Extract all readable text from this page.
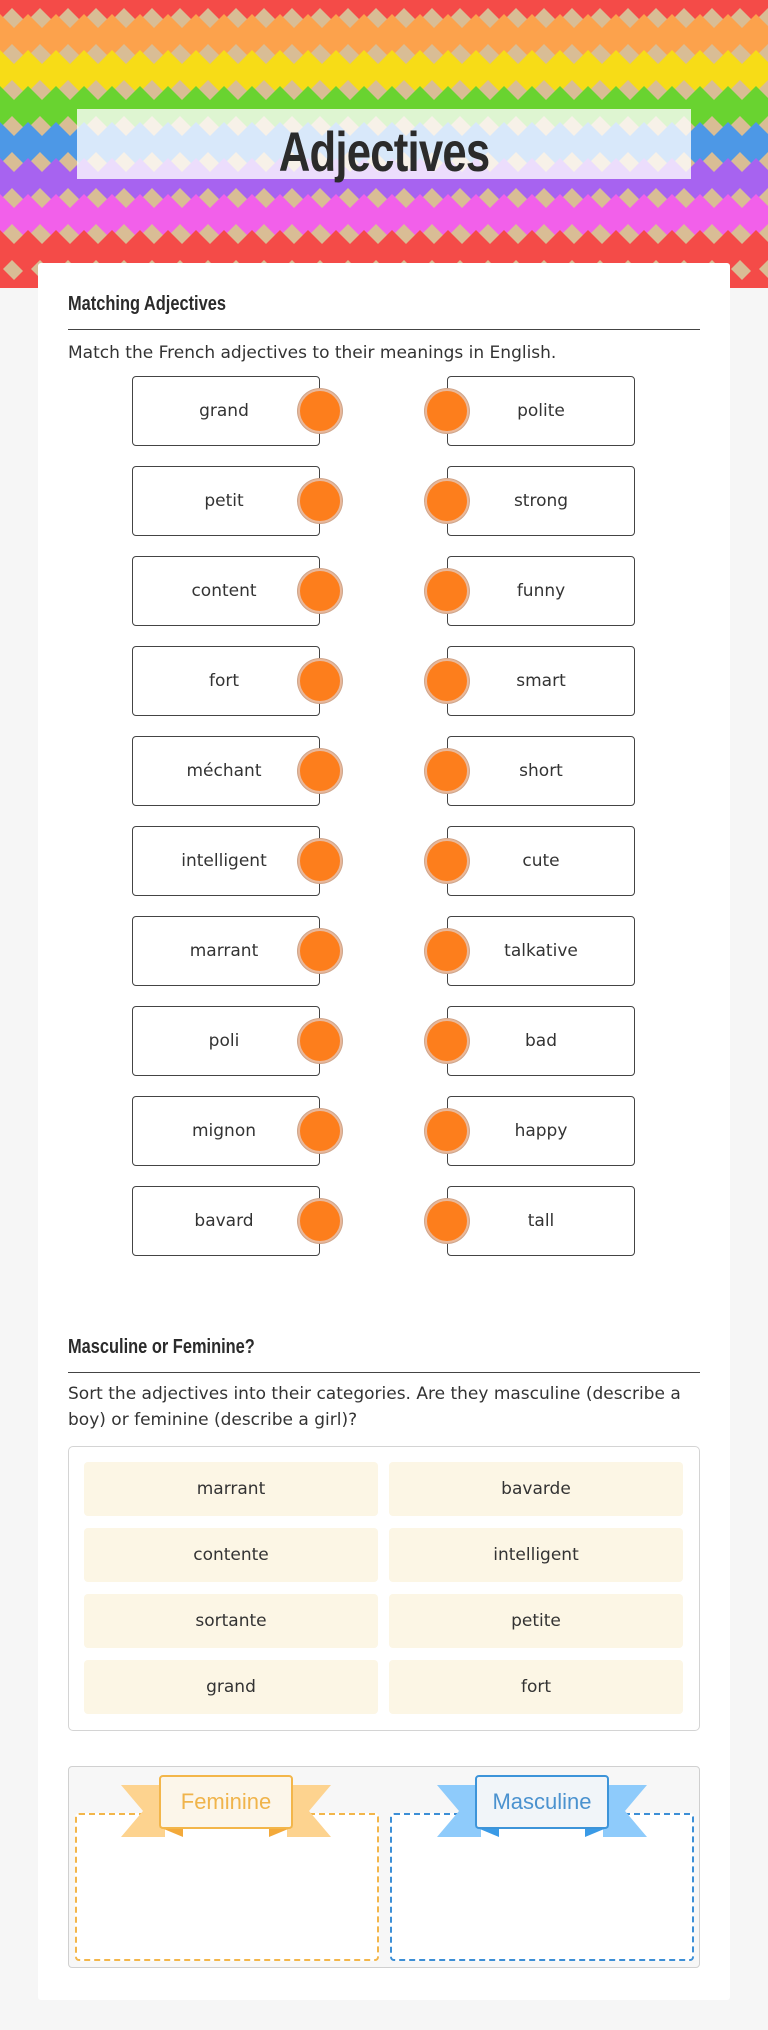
Adjectives
Matching Adjectives
Match the French adjectives to their meanings in English.
grand	polite
petit	strong
content	funny
fort	smart
méchant	short
intelligent	cute
marrant	talkative
poli	bad
mignon	happy
bavard	tall
Masculine or Feminine?
Sort the adjectives into their categories. Are they masculine (describe a boy) or feminine (describe a girl)?
marrant	bavarde
contente	intelligent
sortante	petite
grand	fort
Feminine	Masculine
